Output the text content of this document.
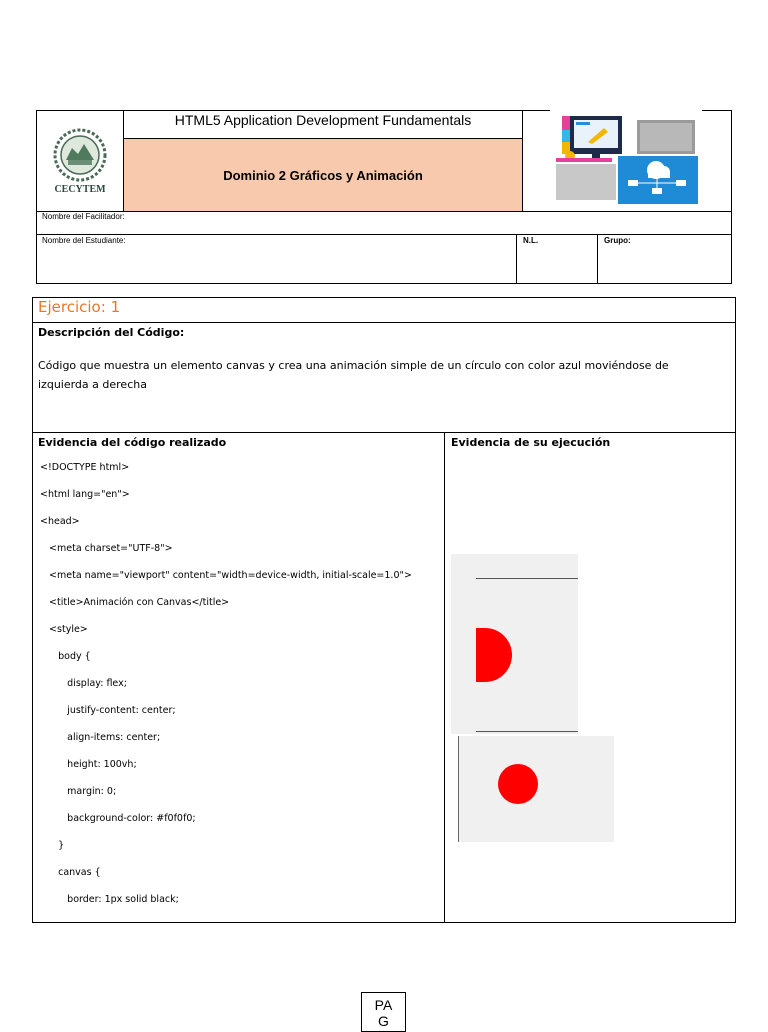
CECYTEM
HTML5 Application Development Fundamentals
Dominio 2 Gráficos y Animación
Nombre del Facilitador:
Nombre del Estudiante:	N.L.	Grupo:
Ejercicio: 1
Descripción del Código:
Código que muestra un elemento canvas y crea una animación simple de un círculo con color azul moviéndose de
izquierda a derecha
Evidencia del código realizado	Evidencia de su ejecución
<!DOCTYPE html>
<html lang="en">
<head>
<meta charset="UTF-8">
<meta name="viewport" content="width=device-width, initial-scale=1.0">
<title>Animación con Canvas</title>
<style>
body {
display: flex;
justify-content: center;
align-items: center;
height: 100vh;
margin: 0;
background-color: #f0f0f0;
}
canvas {
border: 1px solid black;
PA
G
